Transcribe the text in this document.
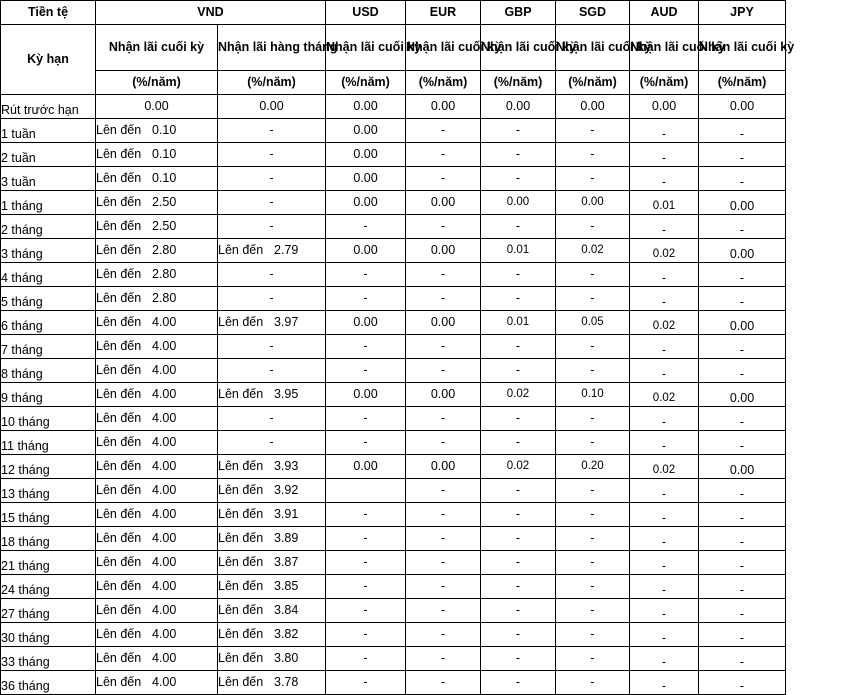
Tiền tệ	VND		USD	EUR	GBP	SGD	AUD	JPY
Kỳ hạn	Nhận lãi cuối kỳ	Nhận lãi hàng tháng	Nhận lãi cuối kỳ	Nhận lãi cuối kỳ	Nhận lãi cuối kỳ	Nhận lãi cuối kỳ	Nhận lãi cuối kỳ	Nhận lãi cuối kỳ
	(%/năm)	(%/năm)	(%/năm)	(%/năm)	(%/năm)	(%/năm)	(%/năm)	(%/năm)
Rút trước hạn	0.00	0.00	0.00	0.00	0.00	0.00	0.00	0.00
1 tuần	Lên đến 0.10	-	0.00	-	-	-	-	-
2 tuần	Lên đến 0.10	-	0.00	-	-	-	-	-
3 tuần	Lên đến 0.10	-	0.00	-	-	-	-	-
1 tháng	Lên đến 2.50	-	0.00	0.00	0.00	0.00	0.01	0.00
2 tháng	Lên đến 2.50	-	-	-	-	-	-	-
3 tháng	Lên đến 2.80	Lên đến 2.79	0.00	0.00	0.01	0.02	0.02	0.00
4 tháng	Lên đến 2.80	-	-	-	-	-	-	-
5 tháng	Lên đến 2.80	-	-	-	-	-	-	-
6 tháng	Lên đến 4.00	Lên đến 3.97	0.00	0.00	0.01	0.05	0.02	0.00
7 tháng	Lên đến 4.00	-	-	-	-	-	-	-
8 tháng	Lên đến 4.00	-	-	-	-	-	-	-
9 tháng	Lên đến 4.00	Lên đến 3.95	0.00	0.00	0.02	0.10	0.02	0.00
10 tháng	Lên đến 4.00	-	-	-	-	-	-	-
11 tháng	Lên đến 4.00	-	-	-	-	-	-	-
12 tháng	Lên đến 4.00	Lên đến 3.93	0.00	0.00	0.02	0.20	0.02	0.00
13 tháng	Lên đến 4.00	Lên đến 3.92		-	-	-	-	-
15 tháng	Lên đến 4.00	Lên đến 3.91	-	-	-	-	-	-
18 tháng	Lên đến 4.00	Lên đến 3.89	-	-	-	-	-	-
21 tháng	Lên đến 4.00	Lên đến 3.87	-	-	-	-	-	-
24 tháng	Lên đến 4.00	Lên đến 3.85	-	-	-	-	-	-
27 tháng	Lên đến 4.00	Lên đến 3.84	-	-	-	-	-	-
30 tháng	Lên đến 4.00	Lên đến 3.82	-	-	-	-	-	-
33 tháng	Lên đến 4.00	Lên đến 3.80	-	-	-	-	-	-
36 tháng	Lên đến 4.00	Lên đến 3.78	-	-	-	-	-	-
